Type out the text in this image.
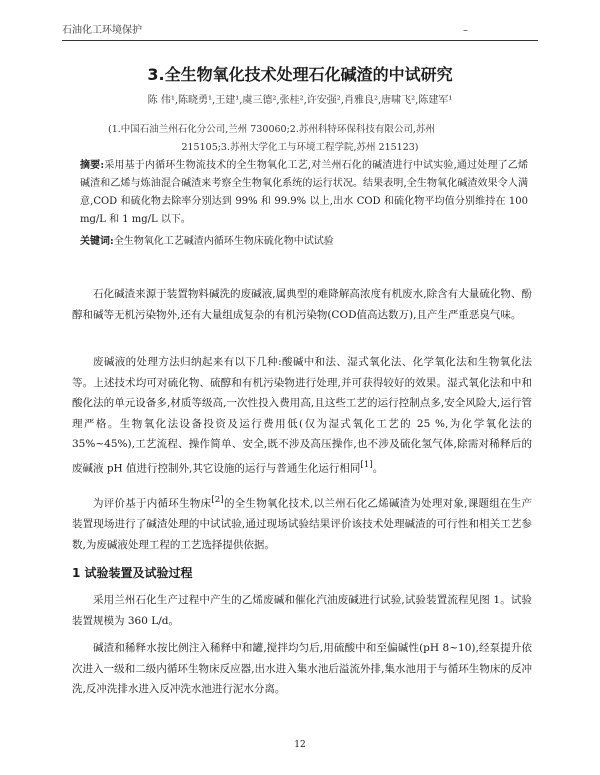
石油化工环境保护	–
3.全生物氧化技术处理石化碱渣的中试研究
陈 伟¹,陈晓勇¹,王建¹,虞三德²,张桂²,许安强²,肖雅良²,唐啸飞²,陈建军¹
(1.中国石油兰州石化分公司,兰州 730060;2.苏州科特环保科技有限公司,苏州
215105;3.苏州大学化工与环境工程学院,苏州 215123)
摘要:采用基于内循环生物流技术的全生物氧化工艺,对兰州石化的碱渣进行中试实验,通过处理了乙烯碱渣和乙烯与炼油混合碱渣来考察全生物氧化系统的运行状况。结果表明,全生物氧化碱渣效果令人满意,COD 和硫化物去除率分别达到 99% 和 99.9% 以上,出水 COD 和硫化物平均值分别维持在 100 mg/L 和 1 mg/L 以下。
关键词:全生物氧化工艺碱渣内循环生物床硫化物中试试验
石化碱渣来源于装置物料碱洗的废碱液,属典型的难降解高浓度有机废水,除含有大量硫化物、酚醇和碱等无机污染物外,还有大量组成复杂的有机污染物(COD值高达数万),且产生严重恶臭气味。
废碱液的处理方法归纳起来有以下几种:酸碱中和法、湿式氧化法、化学氧化法和生物氧化法等。上述技术均可对硫化物、硫醇和有机污染物进行处理,并可获得较好的效果。湿式氧化法和中和酸化法的单元设备多,材质等级高,一次性投入费用高,且这些工艺的运行控制点多,安全风险大,运行管理严格。生物氧化法设备投资及运行费用低(仅为湿式氧化工艺的 25 %,为化学氧化法的 35%~45%),工艺流程、操作简单、安全,既不涉及高压操作,也不涉及硫化氢气体,除需对稀释后的废碱液 pH 值进行控制外,其它设施的运行与普通生化运行相同[1]。
为评价基于内循环生物床[2]的全生物氧化技术,以兰州石化乙烯碱渣为处理对象,课题组在生产装置现场进行了碱渣处理的中试试验,通过现场试验结果评价该技术处理碱渣的可行性和相关工艺参数,为废碱液处理工程的工艺选择提供依据。
1 试验装置及试验过程
采用兰州石化生产过程中产生的乙烯废碱和催化汽油废碱进行试验,试验装置流程见图 1。试验装置规模为 360 L/d。
碱渣和稀释水按比例注入稀释中和罐,搅拌均匀后,用硫酸中和至偏碱性(pH 8~10),经泵提升依次进入一级和二级内循环生物床反应器,出水进入集水池后溢流外排,集水池用于与循环生物床的反冲洗,反冲洗排水进入反冲洗水池进行泥水分离。
12
